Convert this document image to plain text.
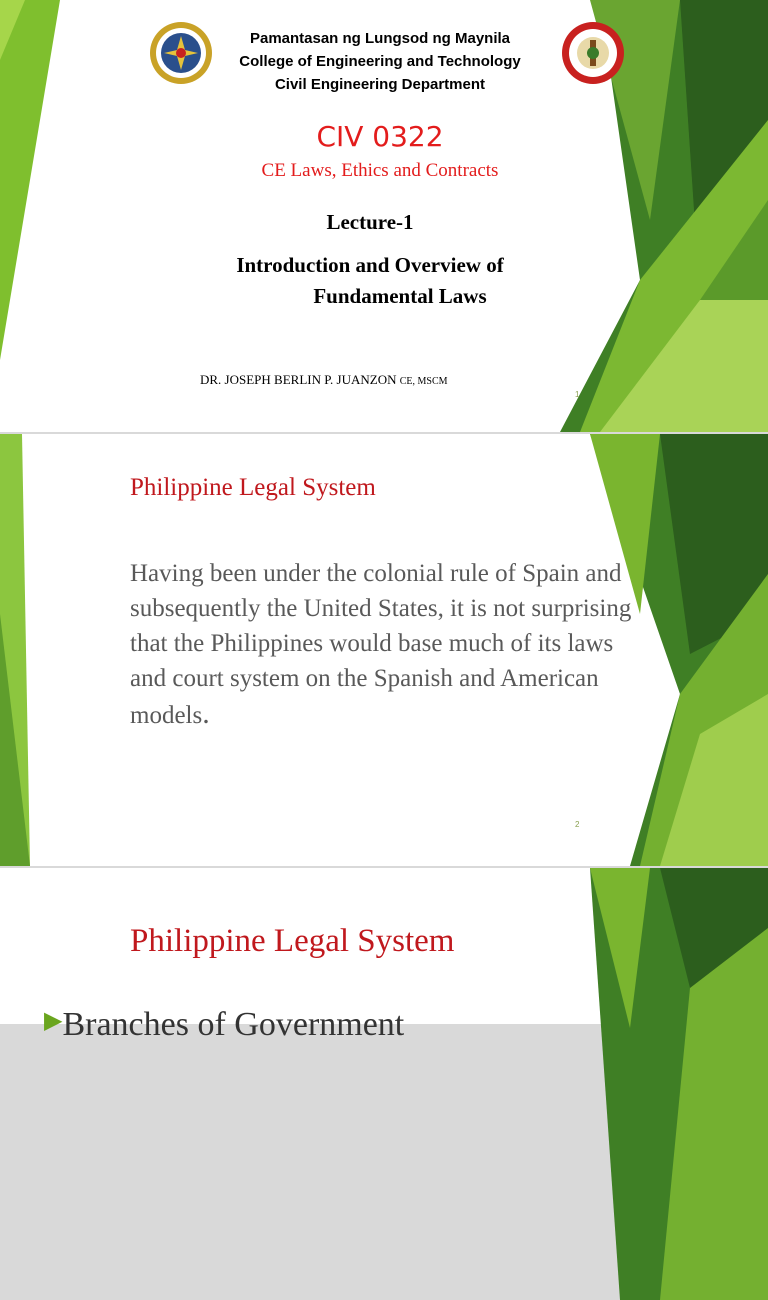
Pamantasan ng Lungsod ng Maynila
College of Engineering and Technology
Civil Engineering Department
CIV 0322
CE Laws, Ethics and Contracts
Lecture-1
Introduction and Overview of
Fundamental Laws
DR. JOSEPH BERLIN P. JUANZON CE, MSCM
1
Philippine Legal System
Having been under the colonial rule of Spain and subsequently the United States, it is not surprising that the Philippines would base much of its laws and court system on the Spanish and American models.
2
Philippine Legal System
▶Branches of Government
